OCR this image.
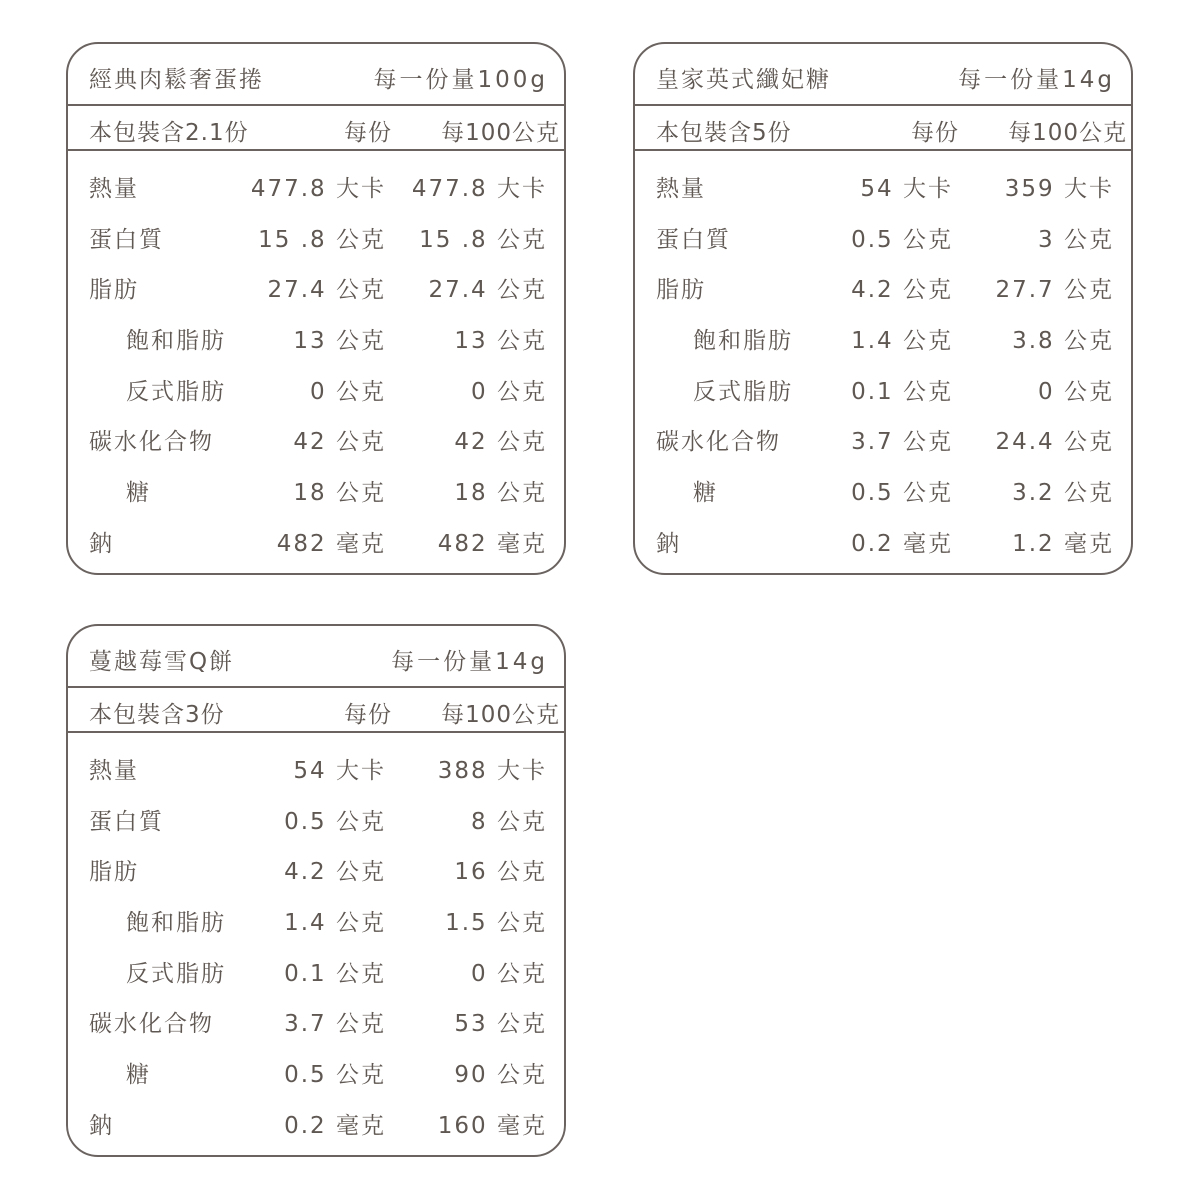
經典肉鬆奢蛋捲	每一份量100g
本包裝含2.1份	每份 每100公克
熱量	477.8 大卡 477.8 大卡
蛋白質	15 .8 公克 15 .8 公克
脂肪	27.4 公克 27.4 公克
飽和脂肪	13 公克	13 公克
反式脂肪	0 公克	0 公克
碳水化合物	42 公克	42 公克
糖	18 公克	18 公克
鈉	482 毫克 482 毫克
皇家英式纖妃糖	每一份量14g
本包裝含5份	每份 每100公克
熱量	54 大卡 359 大卡
蛋白質	0.5 公克	3 公克
脂肪	4.2 公克 27.7 公克
飽和脂肪	1.4 公克	3.8 公克
反式脂肪	0.1 公克	0 公克
碳水化合物	3.7 公克 24.4 公克
糖	0.5 公克	3.2 公克
鈉	0.2 毫克	1.2 毫克
蔓越莓雪Q餅	每一份量14g
本包裝含3份	每份 每100公克
熱量	54 大卡 388 大卡
蛋白質	0.5 公克	8 公克
脂肪	4.2 公克	16 公克
飽和脂肪	1.4 公克	1.5 公克
反式脂肪	0.1 公克	0 公克
碳水化合物	3.7 公克	53 公克
糖	0.5 公克	90 公克
鈉	0.2 毫克 160 毫克
